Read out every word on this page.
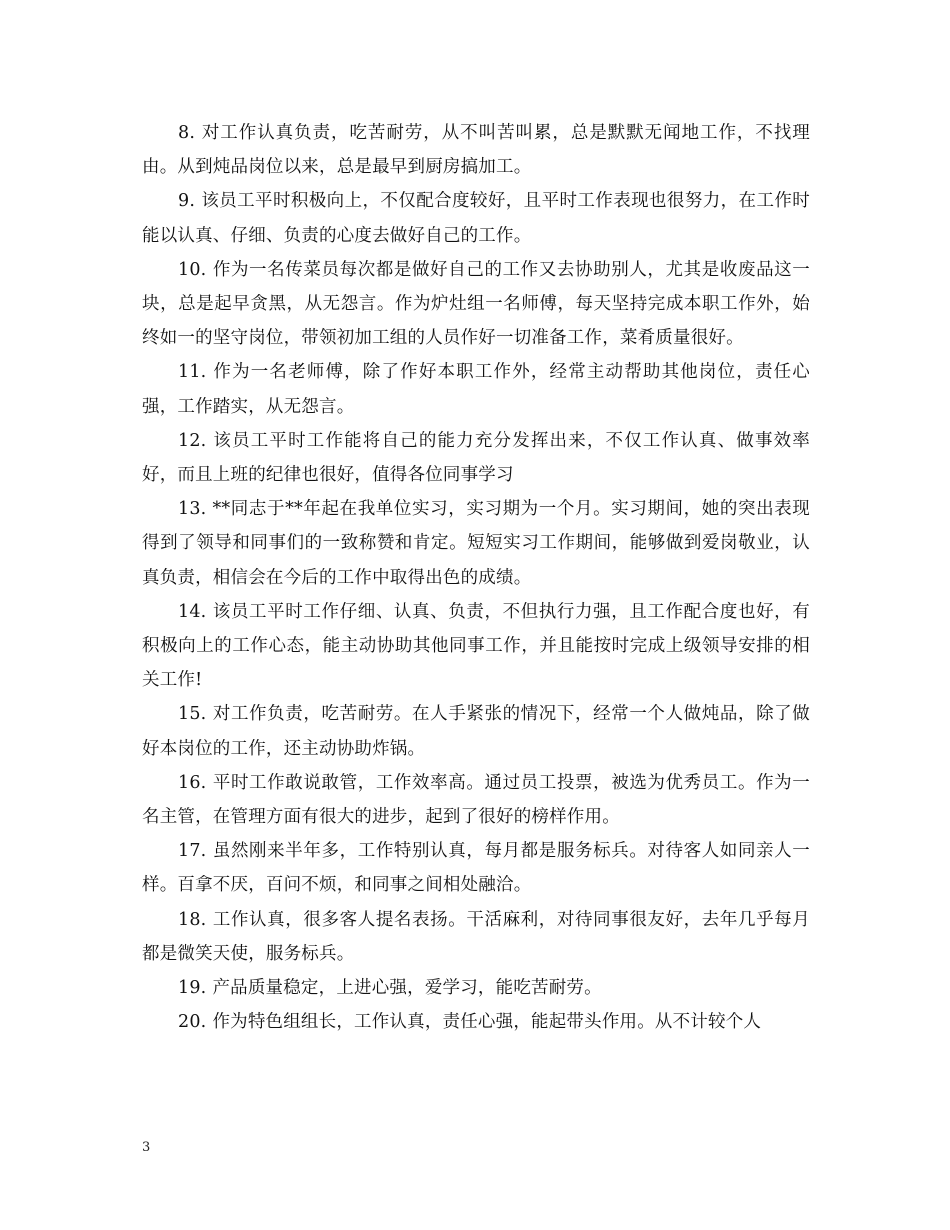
8. 对工作认真负责，吃苦耐劳，从不叫苦叫累，总是默默无闻地工作，不找理由。从到炖品岗位以来，总是最早到厨房搞加工。

9. 该员工平时积极向上，不仅配合度较好，且平时工作表现也很努力，在工作时能以认真、仔细、负责的心度去做好自己的工作。

10. 作为一名传菜员每次都是做好自己的工作又去协助别人，尤其是收废品这一块，总是起早贪黑，从无怨言。作为炉灶组一名师傅，每天坚持完成本职工作外，始终如一的坚守岗位，带领初加工组的人员作好一切准备工作，菜肴质量很好。

11. 作为一名老师傅，除了作好本职工作外，经常主动帮助其他岗位，责任心强，工作踏实，从无怨言。

12. 该员工平时工作能将自己的能力充分发挥出来，不仅工作认真、做事效率好，而且上班的纪律也很好，值得各位同事学习

13. **同志于**年起在我单位实习，实习期为一个月。实习期间，她的突出表现得到了领导和同事们的一致称赞和肯定。短短实习工作期间，能够做到爱岗敬业，认真负责，相信会在今后的工作中取得出色的成绩。

14. 该员工平时工作仔细、认真、负责，不但执行力强，且工作配合度也好，有积极向上的工作心态，能主动协助其他同事工作，并且能按时完成上级领导安排的相关工作!

15. 对工作负责，吃苦耐劳。在人手紧张的情况下，经常一个人做炖品，除了做好本岗位的工作，还主动协助炸锅。

16. 平时工作敢说敢管，工作效率高。通过员工投票，被选为优秀员工。作为一名主管，在管理方面有很大的进步，起到了很好的榜样作用。

17. 虽然刚来半年多，工作特别认真，每月都是服务标兵。对待客人如同亲人一样。百拿不厌，百问不烦，和同事之间相处融洽。

18. 工作认真，很多客人提名表扬。干活麻利，对待同事很友好，去年几乎每月都是微笑天使，服务标兵。

19. 产品质量稳定，上进心强，爱学习，能吃苦耐劳。

20. 作为特色组组长，工作认真，责任心强，能起带头作用。从不计较个人

3
